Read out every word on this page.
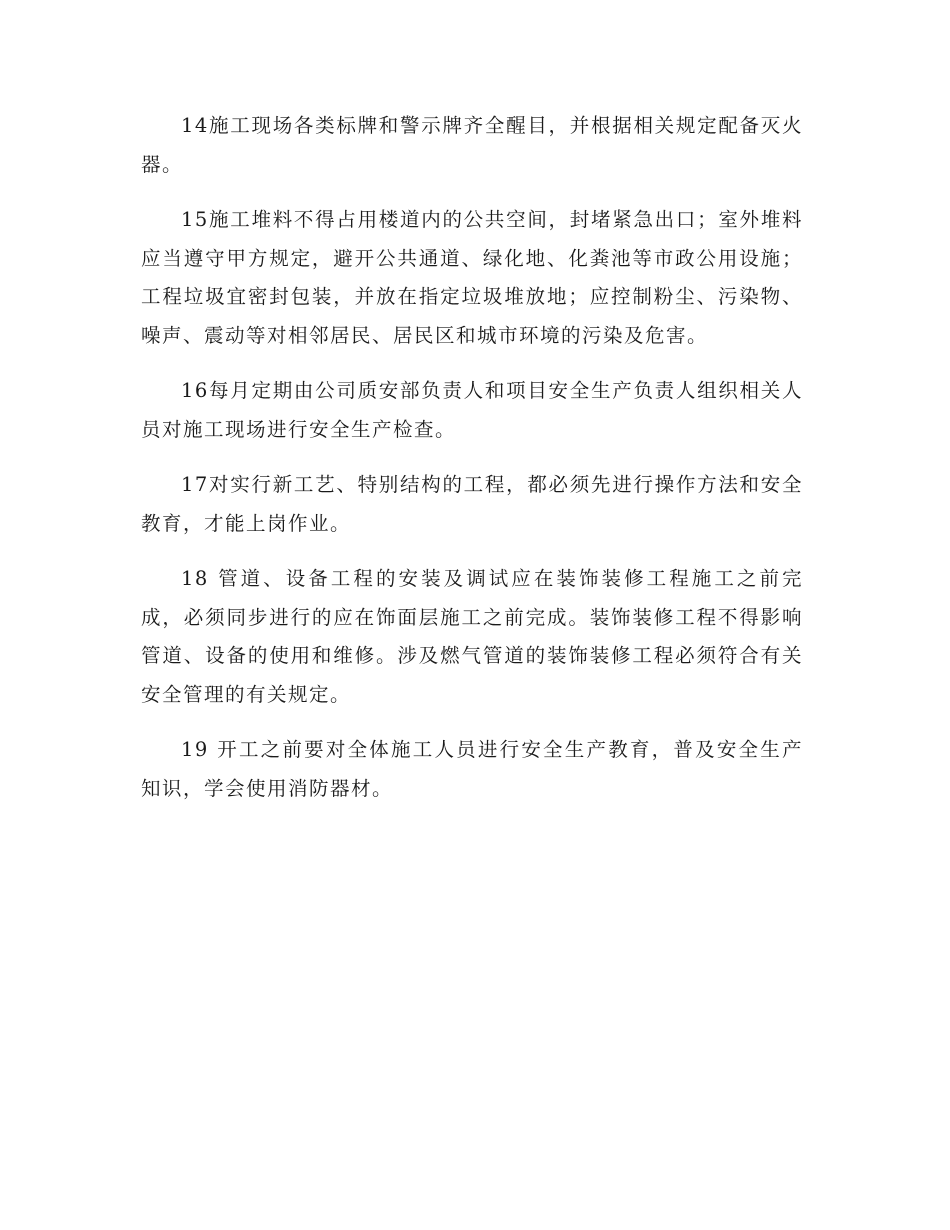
14施工现场各类标牌和警示牌齐全醒目，并根据相关规定配备灭火器。

15施工堆料不得占用楼道内的公共空间，封堵紧急出口；室外堆料应当遵守甲方规定，避开公共通道、绿化地、化粪池等市政公用设施；工程垃圾宜密封包装，并放在指定垃圾堆放地；应控制粉尘、污染物、噪声、震动等对相邻居民、居民区和城市环境的污染及危害。

16每月定期由公司质安部负责人和项目安全生产负责人组织相关人员对施工现场进行安全生产检查。

17对实行新工艺、特别结构的工程，都必须先进行操作方法和安全教育，才能上岗作业。

18 管道、设备工程的安装及调试应在装饰装修工程施工之前完成，必须同步进行的应在饰面层施工之前完成。装饰装修工程不得影响管道、设备的使用和维修。涉及燃气管道的装饰装修工程必须符合有关安全管理的有关规定。

19 开工之前要对全体施工人员进行安全生产教育，普及安全生产知识，学会使用消防器材。
